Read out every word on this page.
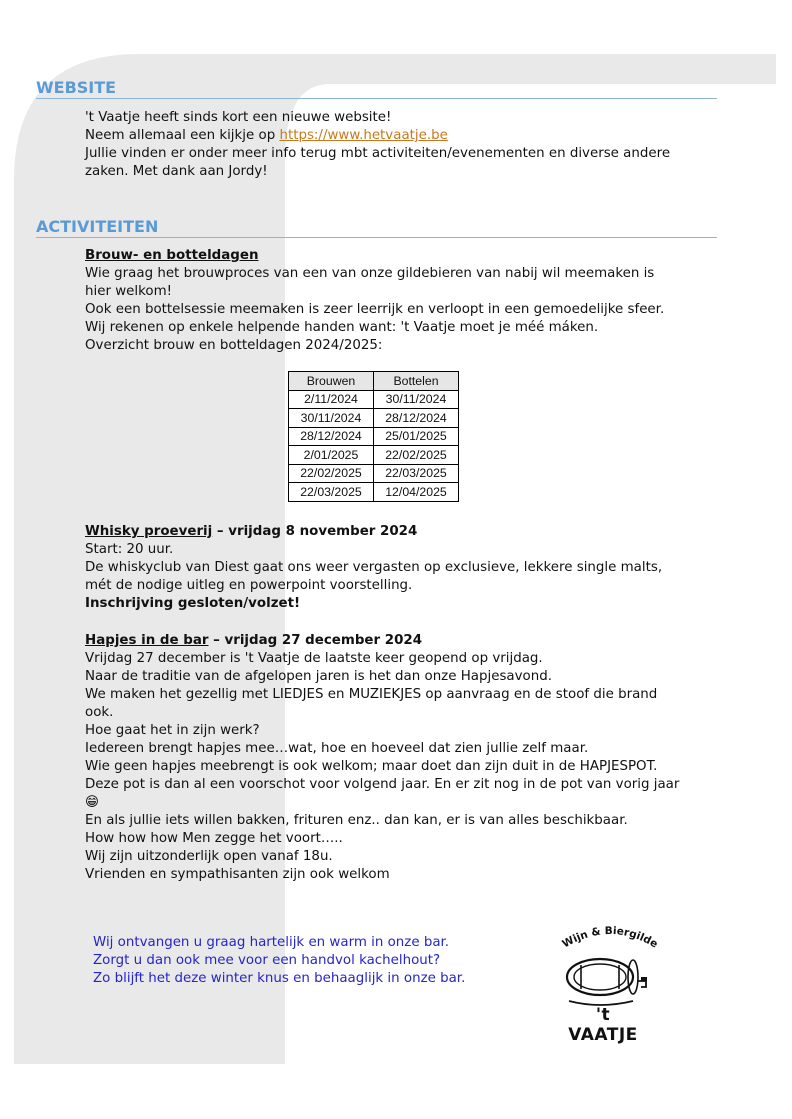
WEBSITE
't Vaatje heeft sinds kort een nieuwe website!
Neem allemaal een kijkje op https://www.hetvaatje.be
Jullie vinden er onder meer info terug mbt activiteiten/evenementen en diverse andere
zaken. Met dank aan Jordy!
ACTIVITEITEN
Brouw- en botteldagen
Wie graag het brouwproces van een van onze gildebieren van nabij wil meemaken is
hier welkom!
Ook een bottelsessie meemaken is zeer leerrijk en verloopt in een gemoedelijke sfeer.
Wij rekenen op enkele helpende handen want: 't Vaatje moet je méé máken.
Overzicht brouw en botteldagen 2024/2025:
Brouwen	Bottelen
2/11/2024	30/11/2024
30/11/2024	28/12/2024
28/12/2024	25/01/2025
2/01/2025	22/02/2025
22/02/2025	22/03/2025
22/03/2025	12/04/2025
Whisky proeverij – vrijdag 8 november 2024
Start: 20 uur.
De whiskyclub van Diest gaat ons weer vergasten op exclusieve, lekkere single malts,
mét de nodige uitleg en powerpoint voorstelling.
Inschrijving gesloten/volzet!
Hapjes in de bar – vrijdag 27 december 2024
Vrijdag 27 december is 't Vaatje de laatste keer geopend op vrijdag.
Naar de traditie van de afgelopen jaren is het dan onze Hapjesavond.
We maken het gezellig met LIEDJES en MUZIEKJES op aanvraag en de stoof die brand
ook.
Hoe gaat het in zijn werk?
Iedereen brengt hapjes mee…wat, hoe en hoeveel dat zien jullie zelf maar.
Wie geen hapjes meebrengt is ook welkom; maar doet dan zijn duit in de HAPJESPOT.
Deze pot is dan al een voorschot voor volgend jaar. En er zit nog in de pot van vorig jaar
😁
En als jullie iets willen bakken, frituren enz.. dan kan, er is van alles beschikbaar.
How how how Men zegge het voort…..
Wij zijn uitzonderlijk open vanaf 18u.
Vrienden en sympathisanten zijn ook welkom
Wij ontvangen u graag hartelijk en warm in onze bar.
Zorgt u dan ook mee voor een handvol kachelhout?
Zo blijft het deze winter knus en behaaglijk in onze bar.
Wijn & Biergilde
't VAATJE
